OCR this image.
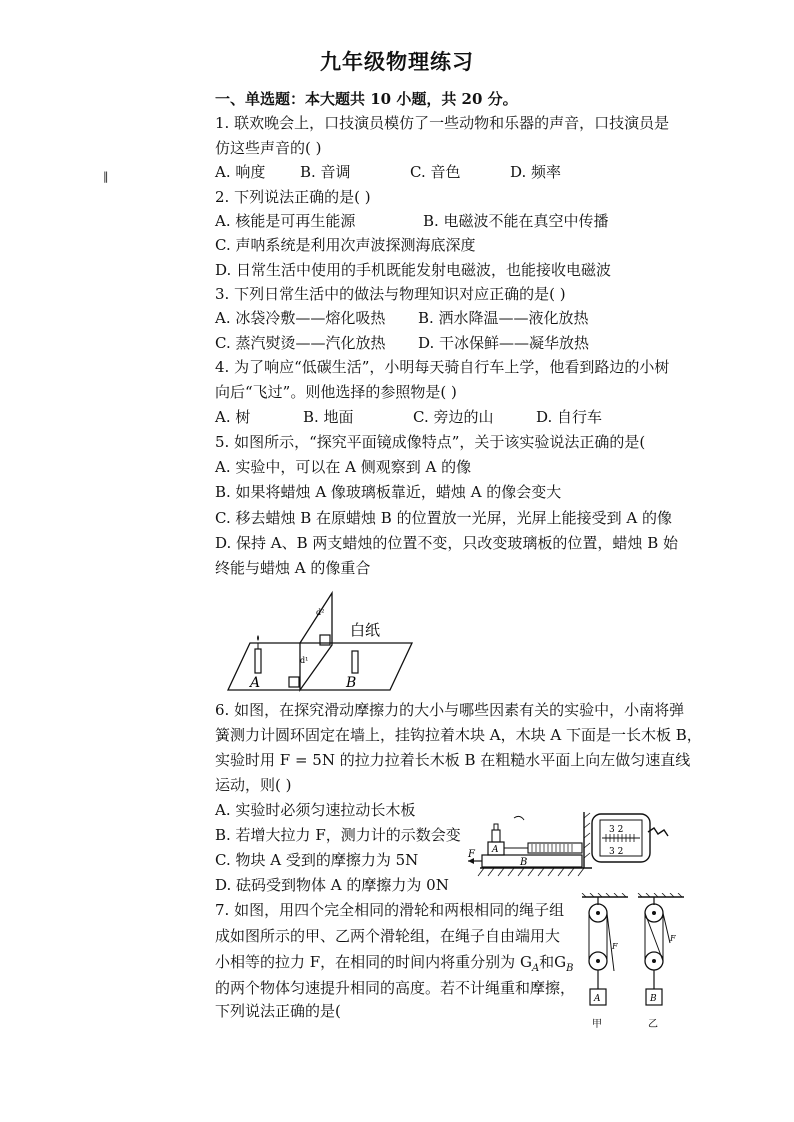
九年级物理练习
‖
一、单选题：本大题共 10 小题，共 20 分。
1. 联欢晚会上，口技演员模仿了一些动物和乐器的声音，口技演员是
仿这些声音的( )
A. 响度 B. 音调	C. 音色	D. 频率
2. 下列说法正确的是( )
A. 核能是可再生能源	B. 电磁波不能在真空中传播
C. 声呐系统是利用次声波探测海底深度
D. 日常生活中使用的手机既能发射电磁波，也能接收电磁波
3. 下列日常生活中的做法与物理知识对应正确的是( )
A. 冰袋冷敷——熔化吸热 B. 洒水降温——液化放热
C. 蒸汽熨烫——汽化放热 D. 干冰保鲜——凝华放热
4. 为了响应“低碳生活”，小明每天骑自行车上学，他看到路边的小树
向后“飞过”。则他选择的参照物是( )
A. 树	B. 地面	C. 旁边的山	D. 自行车
5. 如图所示，“探究平面镜成像特点”，关于该实验说法正确的是(
A. 实验中，可以在 A 侧观察到 A 的像
B. 如果将蜡烛 A 像玻璃板靠近，蜡烛 A 的像会变大
C. 移去蜡烛 B 在原蜡烛 B 的位置放一光屏，光屏上能接受到 A 的像
D. 保持 A、B 两支蜡烛的位置不变，只改变玻璃板的位置，蜡烛 B 始
终能与蜡烛 A 的像重合
d²
d¹
白纸
A	B
6. 如图，在探究滑动摩擦力的大小与哪些因素有关的实验中，小南将弹
簧测力计圆环固定在墙上，挂钩拉着木块 A，木块 A 下面是一长木板 B，
实验时用 F = 5N 的拉力拉着长木板 B 在粗糙水平面上向左做匀速直线
运动，则( )
A. 实验时必须匀速拉动长木板
B. 若增大拉力 F，测力计的示数会变
C. 物块 A 受到的摩擦力为 5N
D. 砝码受到物体 A 的摩擦力为 0N
3 2
3 2
F A
B
7. 如图，用四个完全相同的滑轮和两根相同的绳子组
成如图所示的甲、乙两个滑轮组，在绳子自由端用大
小相等的拉力 F，在相同的时间内将重分别为 $G_A$和$G_B$
的两个物体匀速提升相同的高度。若不计绳重和摩擦，
下列说法正确的是(
F
F
A	B
甲	乙
